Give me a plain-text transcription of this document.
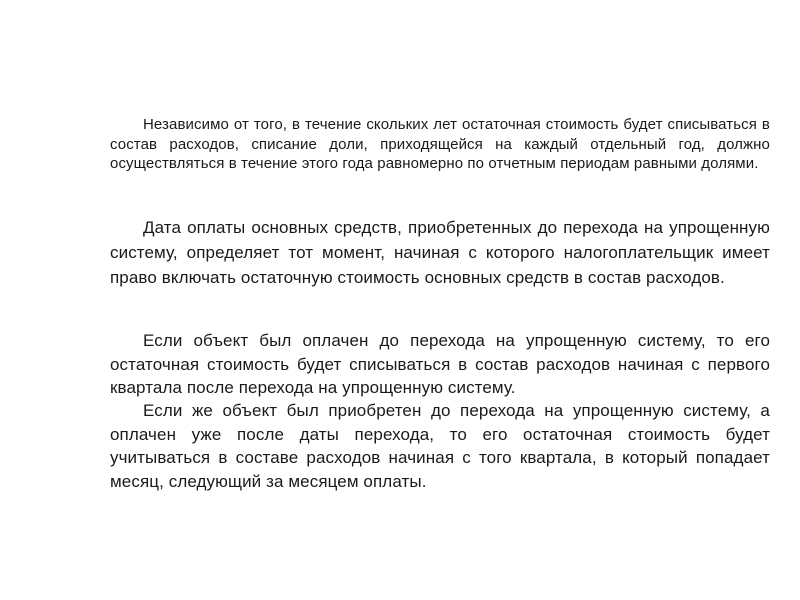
Независимо от того, в течение скольких лет остаточная стоимость будет списываться в состав расходов, списание доли, приходящейся на каждый отдельный год, должно осуществляться в течение этого года равномерно по отчетным периодам равными долями.

Дата оплаты основных средств, приобретенных до перехода на упрощенную систему, определяет тот момент, начиная с которого налогоплательщик имеет право включать остаточную стоимость основных средств в состав расходов.

Если объект был оплачен до перехода на упрощенную систему, то его остаточная стоимость будет списываться в состав расходов начиная с первого квартала после перехода на упрощенную систему.

Если же объект был приобретен до перехода на упрощенную систему, а оплачен уже после даты перехода, то его остаточная стоимость будет учитываться в составе расходов начиная с того квартала, в который попадает месяц, следующий за месяцем оплаты.
